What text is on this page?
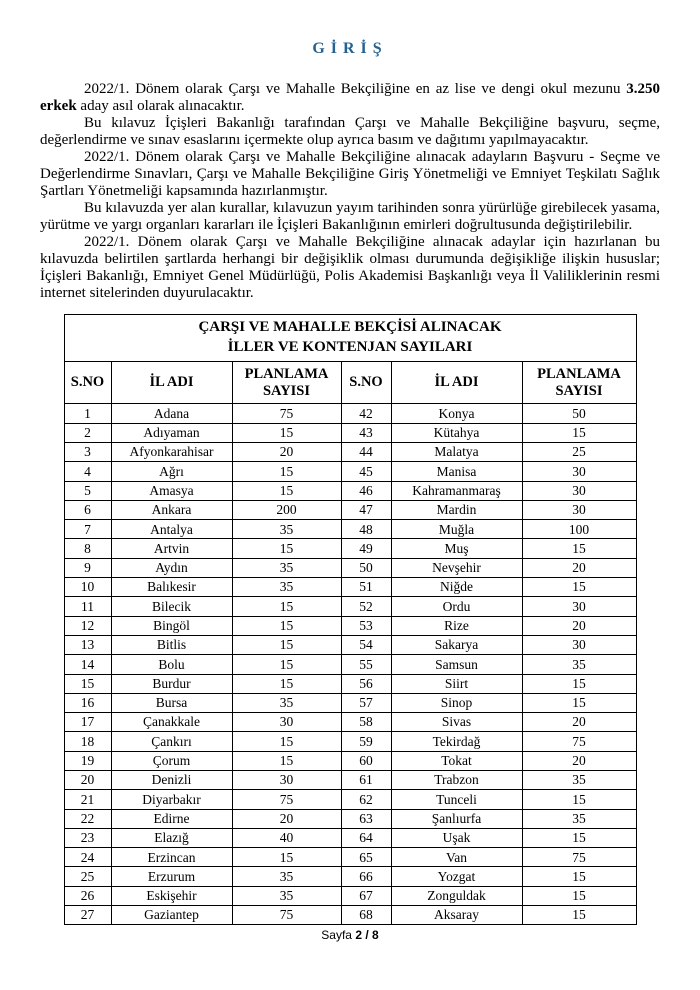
GİRİŞ

2022/1. Dönem olarak Çarşı ve Mahalle Bekçiliğine en az lise ve dengi okul mezunu 3.250 erkek aday asıl olarak alınacaktır.

Bu kılavuz İçişleri Bakanlığı tarafından Çarşı ve Mahalle Bekçiliğine başvuru, seçme, değerlendirme ve sınav esaslarını içermekte olup ayrıca basım ve dağıtımı yapılmayacaktır.

2022/1. Dönem olarak Çarşı ve Mahalle Bekçiliğine alınacak adayların Başvuru - Seçme ve Değerlendirme Sınavları, Çarşı ve Mahalle Bekçiliğine Giriş Yönetmeliği ve Emniyet Teşkilatı Sağlık Şartları Yönetmeliği kapsamında hazırlanmıştır.

Bu kılavuzda yer alan kurallar, kılavuzun yayım tarihinden sonra yürürlüğe girebilecek yasama, yürütme ve yargı organları kararları ile İçişleri Bakanlığının emirleri doğrultusunda değiştirilebilir.

2022/1. Dönem olarak Çarşı ve Mahalle Bekçiliğine alınacak adaylar için hazırlanan bu kılavuzda belirtilen şartlarda herhangi bir değişiklik olması durumunda değişikliğe ilişkin hususlar; İçişleri Bakanlığı, Emniyet Genel Müdürlüğü, Polis Akademisi Başkanlığı veya İl Valiliklerinin resmi internet sitelerinden duyurulacaktır.

ÇARŞI VE MAHALLE BEKÇİSİ ALINACAK
İLLER VE KONTENJAN SAYILARI					

S.NO	İL ADI	PLANLAMA SAYISI	S.NO	İL ADI	PLANLAMA SAYISI
1	Adana	75	42	Konya	50
2	Adıyaman	15	43	Kütahya	15
3	Afyonkarahisar	20	44	Malatya	25
4	Ağrı	15	45	Manisa	30
5	Amasya	15	46	Kahramanmaraş	30
6	Ankara	200	47	Mardin	30
7	Antalya	35	48	Muğla	100
8	Artvin	15	49	Muş	15
9	Aydın	35	50	Nevşehir	20
10	Balıkesir	35	51	Niğde	15
11	Bilecik	15	52	Ordu	30
12	Bingöl	15	53	Rize	20
13	Bitlis	15	54	Sakarya	30
14	Bolu	15	55	Samsun	35
15	Burdur	15	56	Siirt	15
16	Bursa	35	57	Sinop	15
17	Çanakkale	30	58	Sivas	20
18	Çankırı	15	59	Tekirdağ	75
19	Çorum	15	60	Tokat	20
20	Denizli	30	61	Trabzon	35
21	Diyarbakır	75	62	Tunceli	15
22	Edirne	20	63	Şanlıurfa	35
23	Elazığ	40	64	Uşak	15
24	Erzincan	15	65	Van	75
25	Erzurum	35	66	Yozgat	15
26	Eskişehir	35	67	Zonguldak	15
27	Gaziantep	75	68	Aksaray	15
Sayfa 2 / 8
